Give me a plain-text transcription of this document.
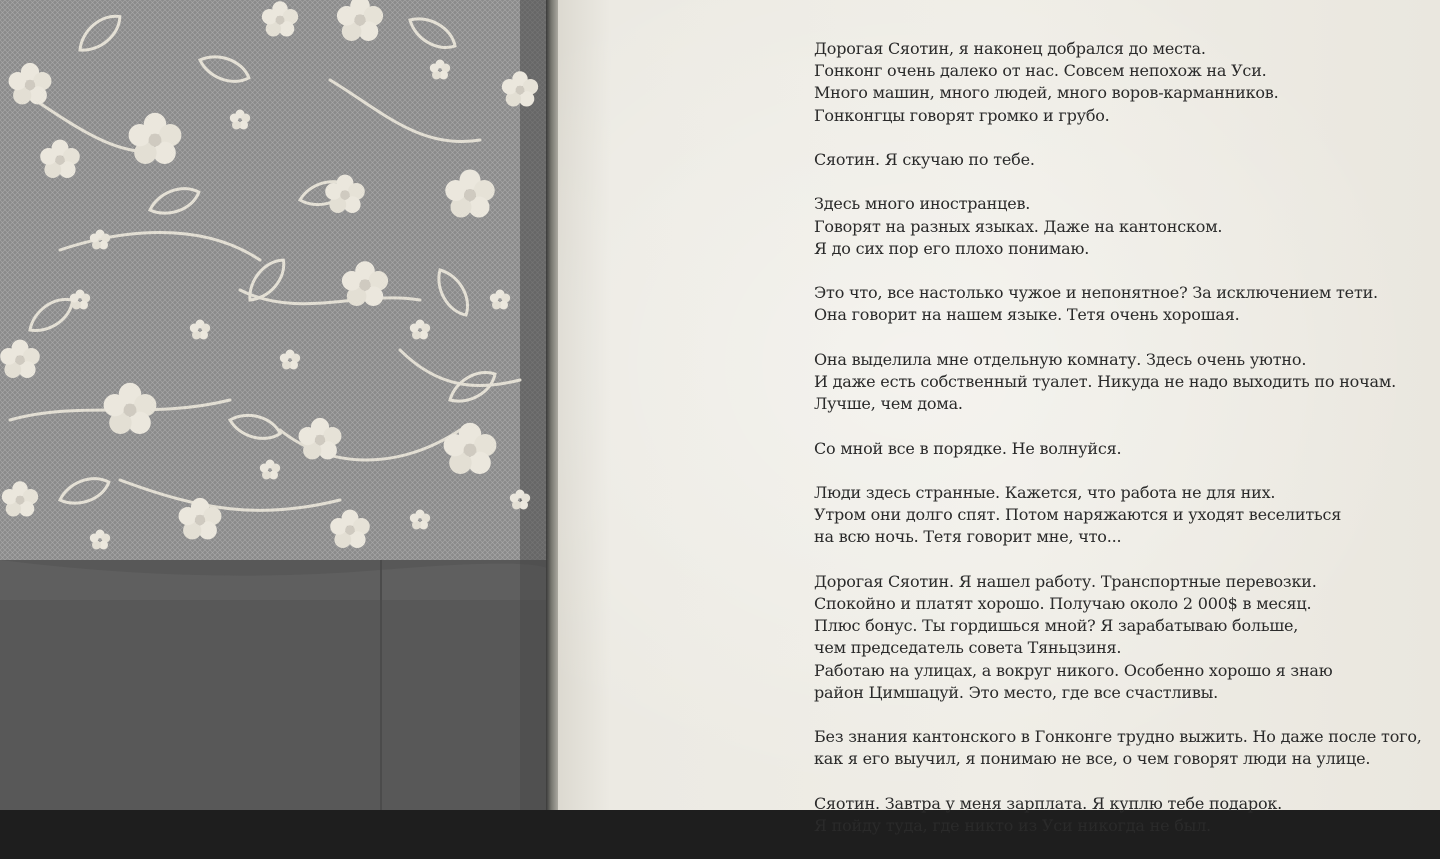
Дорогая Сяотин, я наконец добрался до места.
Гонконг очень далеко от нас. Совсем непохож на Уси.
Много машин, много людей, много воров-карманников.
Гонконгцы говорят громко и грубо.

Сяотин. Я скучаю по тебе.

Здесь много иностранцев.
Говорят на разных языках. Даже на кантонском.
Я до сих пор его плохо понимаю.

Это что, все настолько чужое и непонятное? За исключением тети.
Она говорит на нашем языке. Тетя очень хорошая.

Она выделила мне отдельную комнату. Здесь очень уютно.
И даже есть собственный туалет. Никуда не надо выходить по ночам.
Лучше, чем дома.

Со мной все в порядке. Не волнуйся.

Люди здесь странные. Кажется, что работа не для них.
Утром они долго спят. Потом наряжаются и уходят веселиться
на всю ночь. Тетя говорит мне, что...

Дорогая Сяотин. Я нашел работу. Транспортные перевозки.
Спокойно и платят хорошо. Получаю около 2 000$ в месяц.
Плюс бонус. Ты гордишься мной? Я зарабатываю больше,
чем председатель совета Тяньцзиня.
Работаю на улицах, а вокруг никого. Особенно хорошо я знаю
район Цимшацуй. Это место, где все счастливы.

Без знания кантонского в Гонконге трудно выжить. Но даже после того,
как я его выучил, я понимаю не все, о чем говорят люди на улице.

Сяотин. Завтра у меня зарплата. Я куплю тебе подарок.
Я пойду туда, где никто из Уси никогда не был.
